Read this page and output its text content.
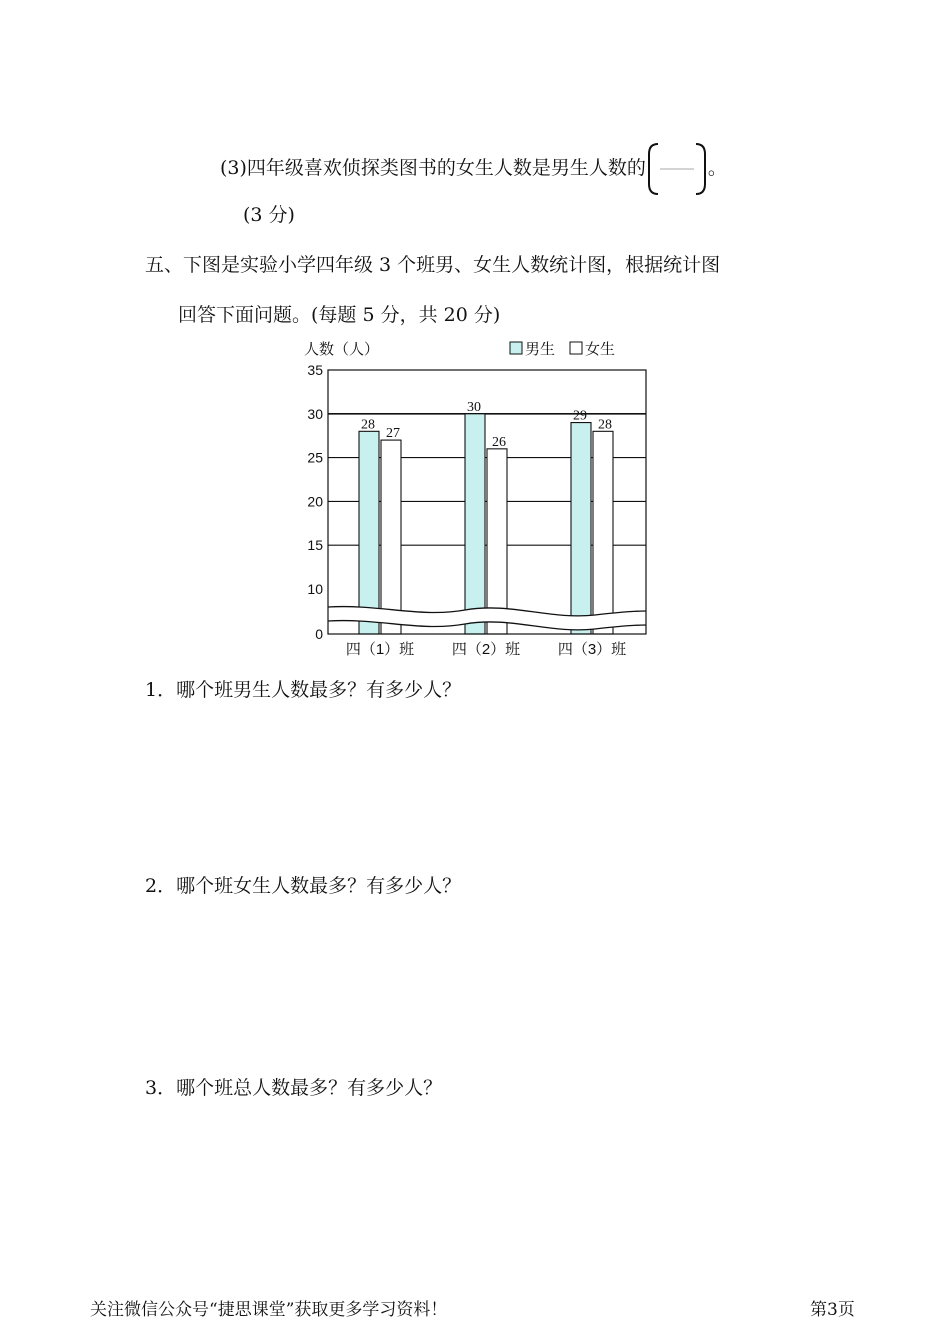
(3)四年级喜欢侦探类图书的女生人数是男生人数的	。
(3 分)
五、下图是实验小学四年级 3 个班男、女生人数统计图，根据统计图
回答下面问题。(每题 5 分，共 20 分)
人数（人）	男生 女生
0
10
15
20
25
30
35
28
27
30
26
29
28
四（1）班	四（2）班	四（3）班
1．哪个班男生人数最多？有多少人？
2．哪个班女生人数最多？有多少人？
3．哪个班总人数最多？有多少人？
关注微信公众号“捷思课堂”获取更多学习资料！	第3页
